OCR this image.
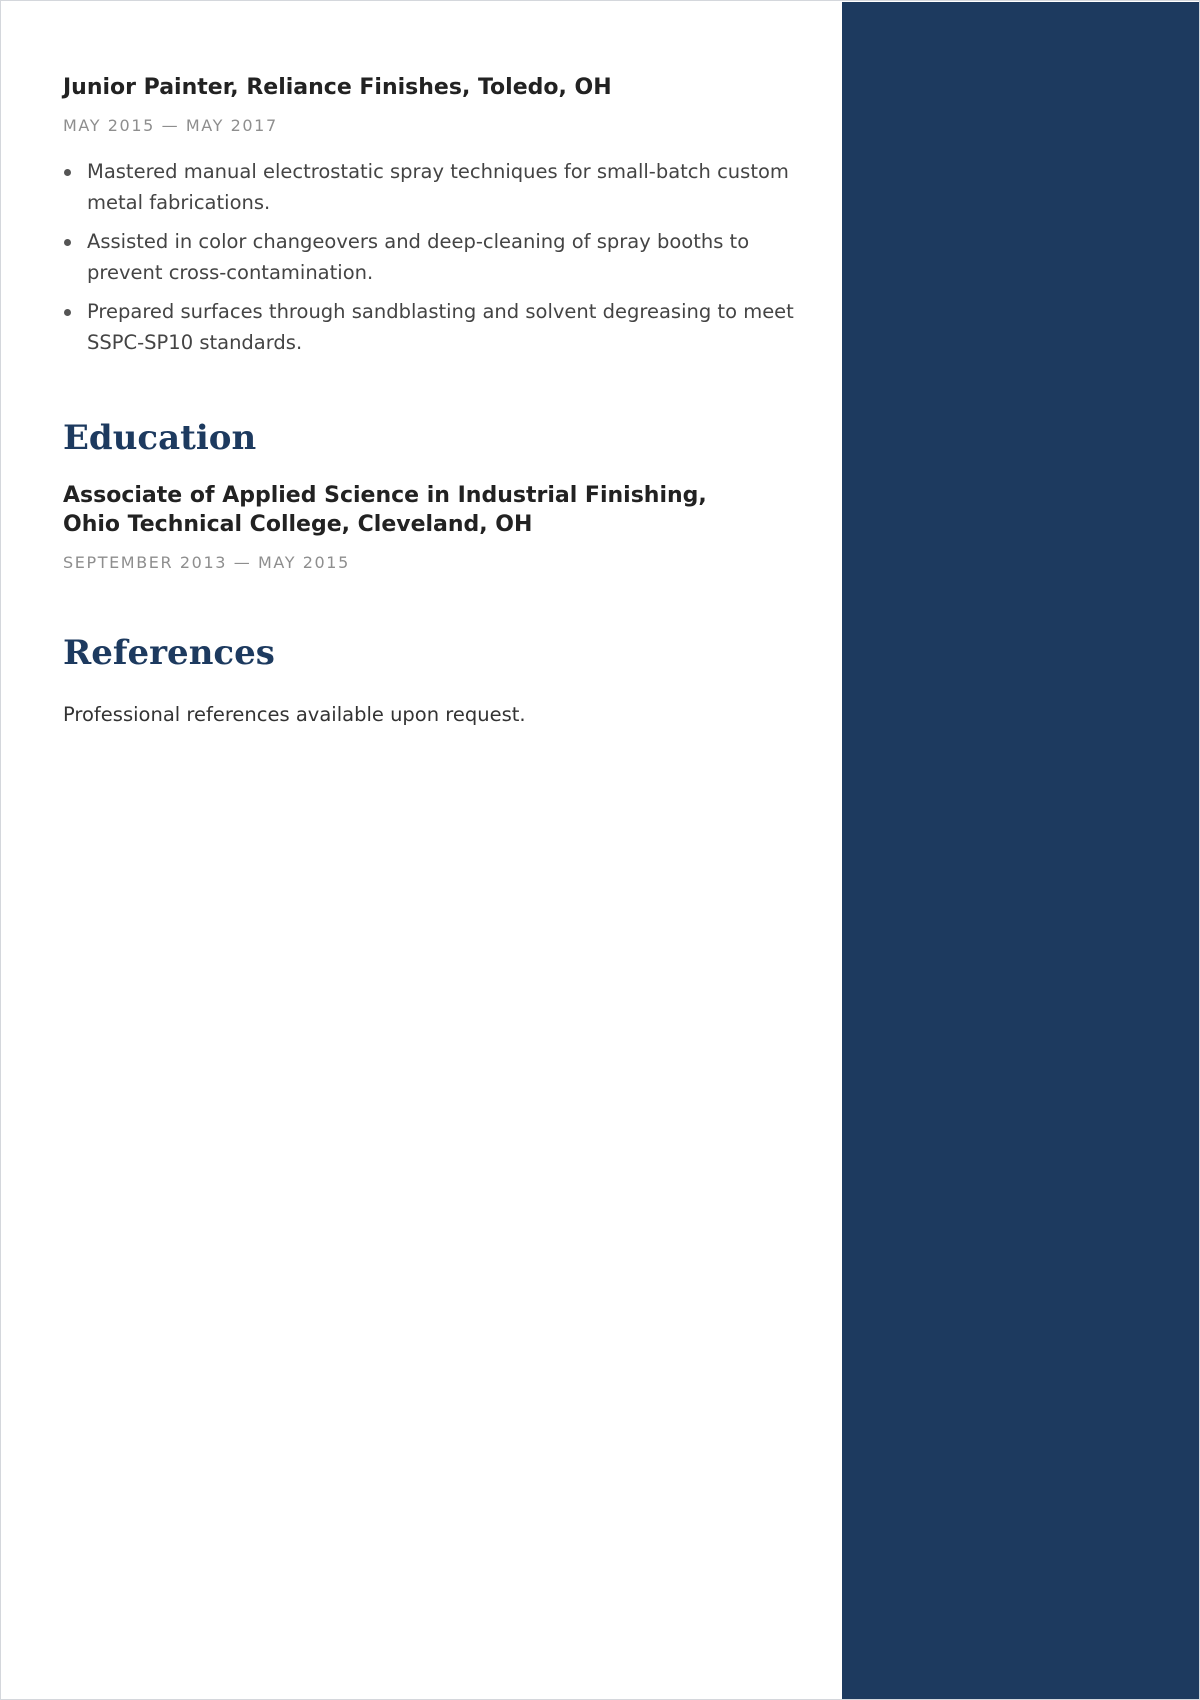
Junior Painter, Reliance Finishes, Toledo, OH

MAY 2015 — MAY 2017

Mastered manual electrostatic spray techniques for small-batch custom metal fabrications.
Assisted in color changeovers and deep-cleaning of spray booths to prevent cross-contamination.
Prepared surfaces through sandblasting and solvent degreasing to meet SSPC-SP10 standards.
Education
Associate of Applied Science in Industrial Finishing, Ohio Technical College, Cleveland, OH

SEPTEMBER 2013 — MAY 2015

References

Professional references available upon request.
